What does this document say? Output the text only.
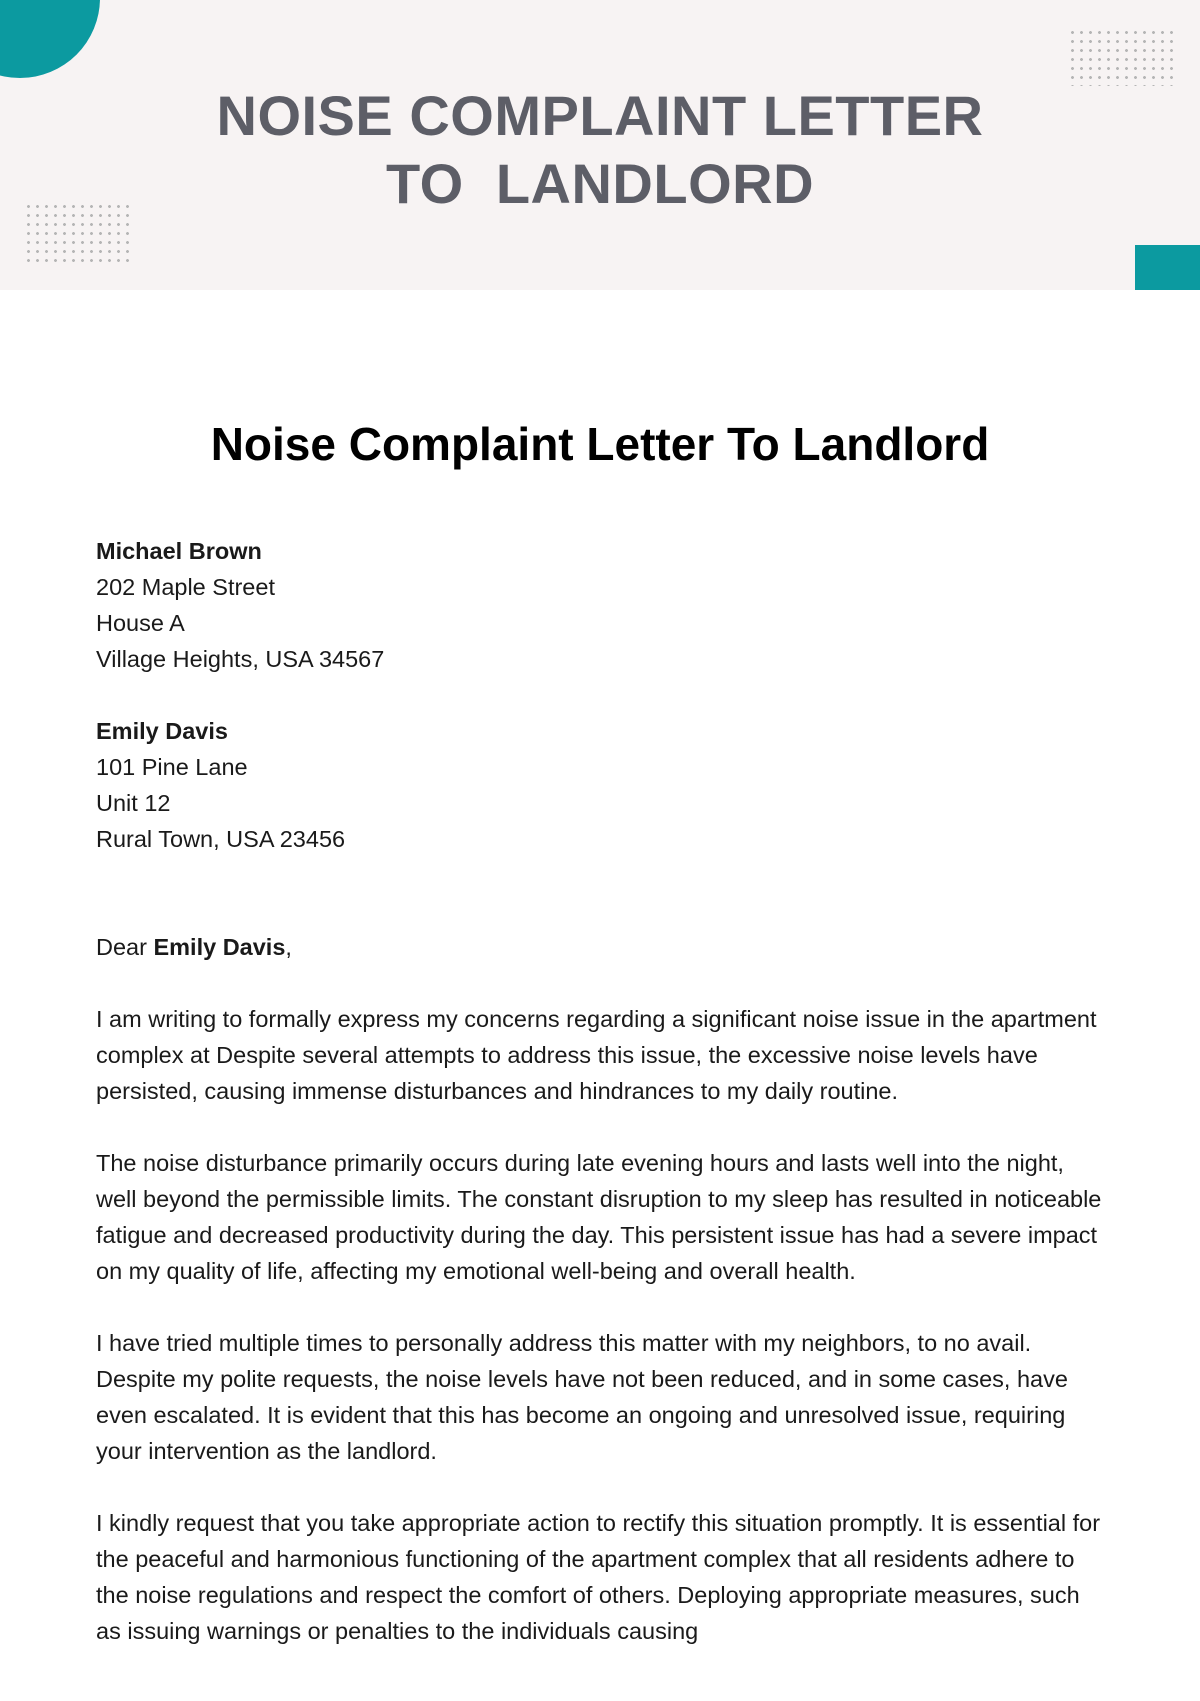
NOISE COMPLAINT LETTER
TO  LANDLORD
Noise Complaint Letter To Landlord
Michael Brown
202 Maple Street
House A
Village Heights, USA 34567
Emily Davis
101 Pine Lane
Unit 12
Rural Town, USA 23456

Dear Emily Davis,

I am writing to formally express my concerns regarding a significant noise issue in the apartment complex at Despite several attempts to address this issue, the excessive noise levels have persisted, causing immense disturbances and hindrances to my daily routine.

The noise disturbance primarily occurs during late evening hours and lasts well into the night, well beyond the permissible limits. The constant disruption to my sleep has resulted in noticeable fatigue and decreased productivity during the day. This persistent issue has had a severe impact on my quality of life, affecting my emotional well-being and overall health.

I have tried multiple times to personally address this matter with my neighbors, to no avail. Despite my polite requests, the noise levels have not been reduced, and in some cases, have even escalated. It is evident that this has become an ongoing and unresolved issue, requiring your intervention as the landlord.

I kindly request that you take appropriate action to rectify this situation promptly. It is essential for the peaceful and harmonious functioning of the apartment complex that all residents adhere to the noise regulations and respect the comfort of others. Deploying appropriate measures, such as issuing warnings or penalties to the individuals causing
